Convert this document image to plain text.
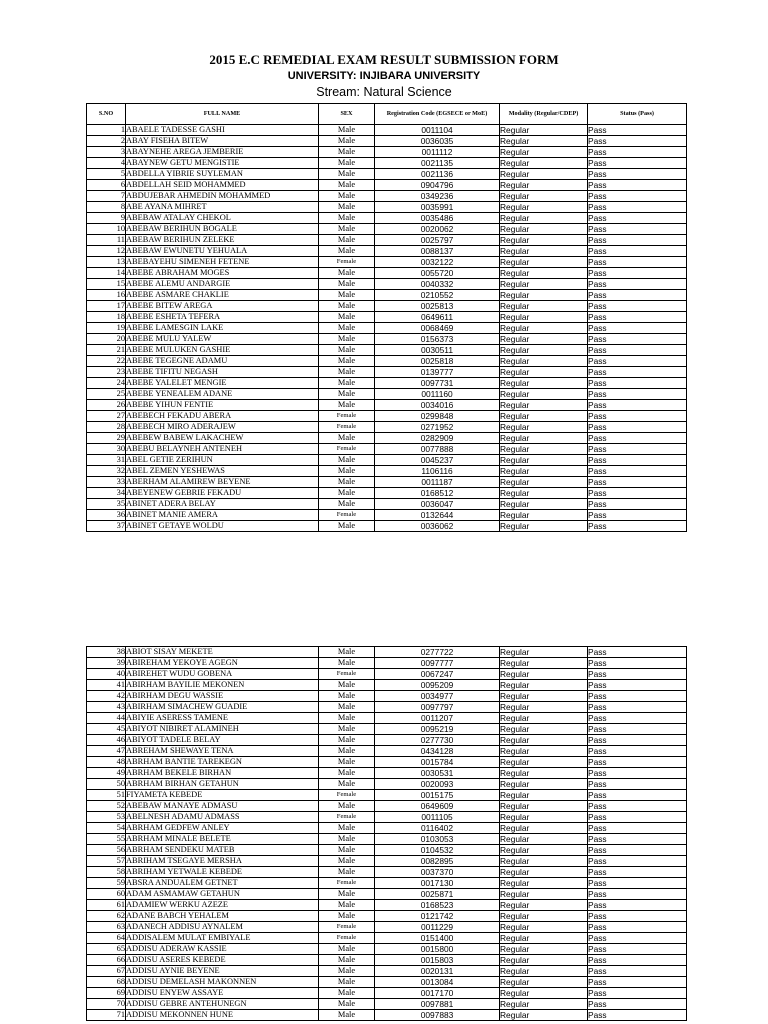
2015 E.C REMEDIAL EXAM RESULT SUBMISSION FORM
UNIVERSITY: INJIBARA UNIVERSITY
Stream: Natural Science
S.NO	FULL NAME	SEX	Registration Code (EGSECE or MoE)	Modality (Regular/CDEP)	Status (Pass)
1	ABAELE TADESSE GASHI	Male	0011104	Regular	Pass
2	ABAY FISEHA BITEW	Male	0036035	Regular	Pass
3	ABAYNEHE AREGA JEMBERIE	Male	0011112	Regular	Pass
4	ABAYNEW GETU MENGISTIE	Male	0021135	Regular	Pass
5	ABDELLA YIBRIE SUYLEMAN	Male	0021136	Regular	Pass
6	ABDELLAH SEID MOHAMMED	Male	0904796	Regular	Pass
7	ABDUJEBAR AHMEDIN MOHAMMED	Male	0349236	Regular	Pass
8	ABE AYANA MIHRET	Male	0035991	Regular	Pass
9	ABEBAW ATALAY CHEKOL	Male	0035486	Regular	Pass
10	ABEBAW BERIHUN BOGALE	Male	0020062	Regular	Pass
11	ABEBAW BERIHUN ZELEKE	Male	0025797	Regular	Pass
12	ABEBAW EWUNETU YEHUALA	Male	0088137	Regular	Pass
13	ABEBAYEHU SIMENEH FETENE	Female	0032122	Regular	Pass
14	ABEBE ABRAHAM MOGES	Male	0055720	Regular	Pass
15	ABEBE ALEMU ANDARGIE	Male	0040332	Regular	Pass
16	ABEBE ASMARE CHAKLIE	Male	0210552	Regular	Pass
17	ABEBE BITEW AREGA	Male	0025813	Regular	Pass
18	ABEBE ESHETA TEFERA	Male	0649611	Regular	Pass
19	ABEBE LAMESGIN LAKE	Male	0068469	Regular	Pass
20	ABEBE MULU YALEW	Male	0156373	Regular	Pass
21	ABEBE MULUKEN GASHIE	Male	0030511	Regular	Pass
22	ABEBE TEGEGNE ADAMU	Male	0025818	Regular	Pass
23	ABEBE TIFITU NEGASH	Male	0139777	Regular	Pass
24	ABEBE YALELET MENGIE	Male	0097731	Regular	Pass
25	ABEBE YENEALEM ADANE	Male	0011160	Regular	Pass
26	ABEBE YIHUN FENTIE	Male	0034016	Regular	Pass
27	ABEBECH FEKADU ABERA	Female	0299848	Regular	Pass
28	ABEBECH MIRO ADERAJEW	Female	0271952	Regular	Pass
29	ABEBEW BABEW LAKACHEW	Male	0282909	Regular	Pass
30	ABEBU BELAYNEH ANTENEH	Female	0077888	Regular	Pass
31	ABEL GETIE ZERIHUN	Male	0045237	Regular	Pass
32	ABEL ZEMEN YESHEWAS	Male	1106116	Regular	Pass
33	ABERHAM ALAMIREW BEYENE	Male	0011187	Regular	Pass
34	ABEYENEW GEBRIE FEKADU	Male	0168512	Regular	Pass
35	ABINET ADERA BELAY	Male	0036047	Regular	Pass
36	ABINET MANIE AMERA	Female	0132644	Regular	Pass
37	ABINET GETAYE WOLDU	Male	0036062	Regular	Pass
38	ABIOT SISAY MEKETE	Male	0277722	Regular	Pass
39	ABIREHAM YEKOYE AGEGN	Male	0097777	Regular	Pass
40	ABIREHET WUDU GOBENA	Female	0067247	Regular	Pass
41	ABIRHAM BAYILIE MEKONEN	Male	0095209	Regular	Pass
42	ABIRHAM DEGU WASSIE	Male	0034977	Regular	Pass
43	ABIRHAM SIMACHEW GUADIE	Male	0097797	Regular	Pass
44	ABIYIE ASERESS TAMENE	Male	0011207	Regular	Pass
45	ABIYOT NIBIRET ALAMINEH	Male	0095219	Regular	Pass
46	ABIYOT TADELE BELAY	Male	0277730	Regular	Pass
47	ABREHAM SHEWAYE TENA	Male	0434128	Regular	Pass
48	ABRHAM BANTIE TAREKEGN	Male	0015784	Regular	Pass
49	ABRHAM BEKELE BIRHAN	Male	0030531	Regular	Pass
50	ABRHAM BIRHAN GETAHUN	Male	0020093	Regular	Pass
51	FIYAMETA KEBEDE	Female	0015175	Regular	Pass
52	ABEBAW MANAYE ADMASU	Male	0649609	Regular	Pass
53	ABELNESH ADAMU ADMASS	Female	0011105	Regular	Pass
54	ABRHAM GEDFEW ANLEY	Male	0116402	Regular	Pass
55	ABRHAM MINALE BELETE	Male	0103053	Regular	Pass
56	ABRHAM SENDEKU MATEB	Male	0104532	Regular	Pass
57	ABRIHAM TSEGAYE MERSHA	Male	0082895	Regular	Pass
58	ABRIHAM YETWALE KEBEDE	Male	0037370	Regular	Pass
59	ABSRA ANDUALEM GETNET	Female	0017130	Regular	Pass
60	ADAM ASMAMAW GETAHUN	Male	0025871	Regular	Pass
61	ADAMIEW WERKU AZEZE	Male	0168523	Regular	Pass
62	ADANE BABCH YEHALEM	Male	0121742	Regular	Pass
63	ADANECH ADDISU AYNALEM	Female	0011229	Regular	Pass
64	ADDISALEM MULAT EMBIYALE	Female	0151400	Regular	Pass
65	ADDISU ADERAW KASSIE	Male	0015800	Regular	Pass
66	ADDISU ASERES KEBEDE	Male	0015803	Regular	Pass
67	ADDISU AYNIE BEYENE	Male	0020131	Regular	Pass
68	ADDISU DEMELASH MAKONNEN	Male	0013084	Regular	Pass
69	ADDISU ENYEW ASSAYE	Male	0017170	Regular	Pass
70	ADDISU GEBRE ANTEHUNEGN	Male	0097881	Regular	Pass
71	ADDISU MEKONNEN HUNE	Male	0097883	Regular	Pass
